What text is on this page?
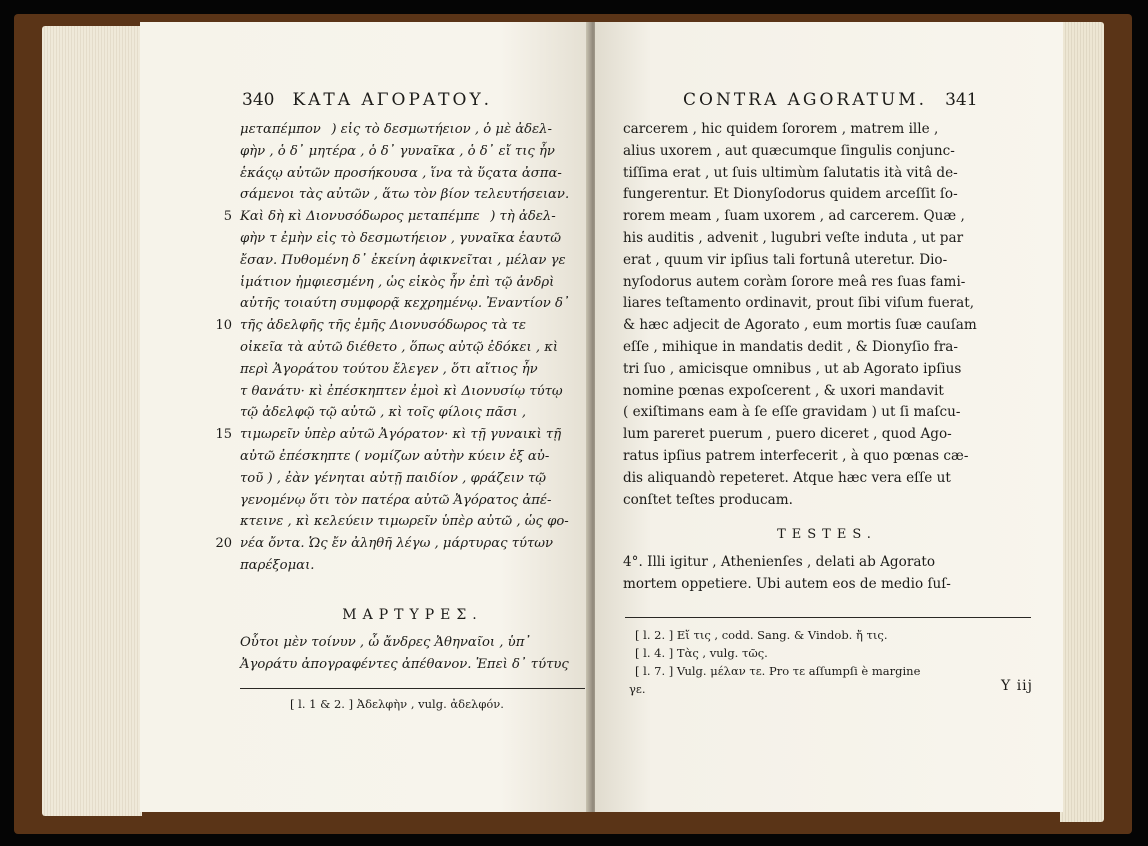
340 ΚΑΤΑ ΑΓΟΡΑΤΟΥ.
μεταπέμπον) εἰς τὸ δεσμωτήειον , ὁ μὲ ἀδελ-
φὴν , ὁ δ᾽ μητέρα , ὁ δ᾽ γυναῖκα , ὁ δ᾽ εἴ τις ἦν
ἑκάςῳ αὐτῶν προσήκουσα , ἵνα τὰ ὕςατα ἀσπα-
σάμενοι τὰς αὐτῶν , ἅτω τὸν βίον τελευτήσειαν.
5 Καὶ δὴ κὶ Διονυσόδωρος μεταπέμπε) τὴ ἀδελ-
φὴν τ ἐμὴν εἰς τὸ δεσμωτήειον , γυναῖκα ἑαυτῶ
ἔσαν. Πυθομένη δ᾽ ἐκείνη ἀφικνεῖται , μέλαν γε
ἱμάτιον ἠμφιεσμένη , ὡς εἰκὸς ἦν ἐπὶ τῷ ἀνδρὶ
αὐτῆς τοιαύτη συμφορᾷ κεχρημένῳ. Ἐναντίον δ᾽
10 τῆς ἀδελφῆς τῆς ἐμῆς Διονυσόδωρος τὰ τε
οἰκεῖα τὰ αὐτῶ διέθετο , ὅπως αὐτῷ ἐδόκει , κὶ
περὶ Ἀγοράτου τούτου ἔλεγεν , ὅτι αἴτιος ἦν
τ θανάτυ· κὶ ἐπέσκηπτεν ἐμοὶ κὶ Διονυσίῳ τύτῳ
τῷ ἀδελφῷ τῷ αὐτῶ , κὶ τοῖς φίλοις πᾶσι ,
15 τιμωρεῖν ὑπὲρ αὐτῶ Ἀγόρατον· κὶ τῇ γυναικὶ τῇ
αὐτῶ ἐπέσκηπτε ( νομίζων αὐτὴν κύειν ἐξ αὐ-
τοῦ ) , ἐὰν γένηται αὐτῇ παιδίον , φράζειν τῷ
γενομένῳ ὅτι τὸν πατέρα αὐτῶ Ἀγόρατος ἀπέ-
κτεινε , κὶ κελεύειν τιμωρεῖν ὑπὲρ αὐτῶ , ὡς φο-
20 νέα ὄντα. Ὡς ἔν ἀληθῆ λέγω , μάρτυρας τύτων
παρέξομαι.
ΜΑΡΤΥΡΕΣ.
Οὗτοι μὲν τοίνυν , ὦ ἄνδρες Ἀθηναῖοι , ὑπ᾽
Ἀγοράτυ ἀπογραφέντες ἀπέθανον. Ἐπεὶ δ᾽ τύτυς
[ l. 1 & 2. ] Ἀδελφὴν , vulg. ἀδελφόν.
CONTRA AGORATUM. 341
carcerem , hic quidem ſororem , matrem ille ,
alius uxorem , aut quæcumque ſingulis conjunc-
tiſſima erat , ut ſuis ultimùm ſalutatis ità vitâ de-
fungerentur. Et Dionyſodorus quidem arceſſit ſo-
rorem meam , ſuam uxorem , ad carcerem. Quæ ,
his auditis , advenit , lugubri veſte induta , ut par
erat , quum vir ipſius tali fortunâ uteretur. Dio-
nyſodorus autem coràm ſorore meâ res ſuas fami-
liares teſtamento ordinavit, prout ſibi viſum fuerat,
& hæc adjecit de Agorato , eum mortis ſuæ cauſam
eſſe , mihique in mandatis dedit , & Dionyſio fra-
tri ſuo , amicisque omnibus , ut ab Agorato ipſius
nomine pœnas expoſcerent , & uxori mandavit
( exiſtimans eam à ſe eſſe gravidam ) ut ſi maſcu-
lum pareret puerum , puero diceret , quod Ago-
ratus ipſius patrem interfecerit , à quo pœnas cæ-
dis aliquandò repeteret. Atque hæc vera eſſe ut
conſtet teſtes producam.
TESTES.
4°. Illi igitur , Athenienſes , delati ab Agorato
mortem oppetiere. Ubi autem eos de medio ſuſ-
[ l. 2. ] Εἴ τις , codd. Sang. & Vindob. ἤ τις.
[ l. 4. ] Τὰς , vulg. τῶς.
[ l. 7. ] Vulg. μέλαν τε. Pro τε aſſumpſi è margine
γε.	Y iij
